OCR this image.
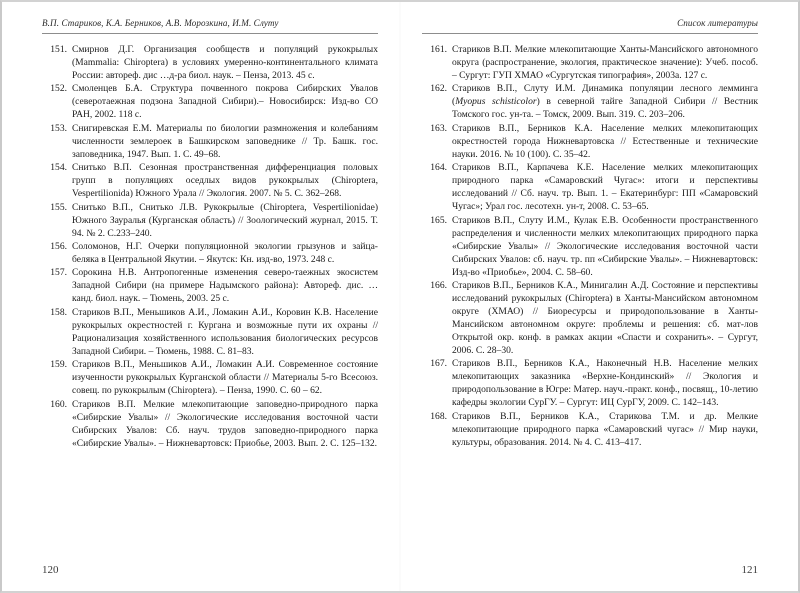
В.П. Стариков, К.А. Берников, А.В. Морозкина, И.М. Слуту
151. Смирнов Д.Г. Организация сообществ и популяций рукокрылых (Mammalia: Chiroptera) в условиях умеренно-континентального климата России: автореф. дис …д-ра биол. наук. – Пенза, 2013. 45 с.
152. Смоленцев Б.А. Структура почвенного покрова Сибирских Увалов (северотаежная подзона Западной Сибири).– Новосибирск: Изд-во СО РАН, 2002. 118 с.
153. Снигиревская Е.М. Материалы по биологии размножения и колебаниям численности землероек в Башкирском заповеднике // Тр. Башк. гос. заповедника, 1947. Вып. 1. С. 49–68.
154. Снитько В.П. Сезонная пространственная дифференциация половых групп в популяциях оседлых видов рукокрылых (Chiroptera, Vespertilionida) Южного Урала // Экология. 2007. № 5. С. 362–268.
155. Снитько В.П., Снитько Л.В. Рукокрылые (Chiroptera, Vespertilionidae) Южного Зауралья (Курганская область) // Зоологический журнал, 2015. Т. 94. № 2. С.233–240.
156. Соломонов, Н.Г. Очерки популяционной экологии грызунов и зайца-беляка в Центральной Якутии. – Якутск: Кн. изд-во, 1973. 248 с.
157. Сорокина Н.В. Антропогенные изменения северо-таежных экосистем Западной Сибири (на примере Надымского района): Автореф. дис. … канд. биол. наук. – Тюмень, 2003. 25 с.
158. Стариков В.П., Меньшиков А.И., Ломакин А.И., Коровин К.В. Население рукокрылых окрестностей г. Кургана и возможные пути их охраны // Рационализация хозяйственного использования биологических ресурсов Западной Сибири. – Тюмень, 1988. С. 81–83.
159. Стариков В.П., Меньшиков А.И., Ломакин А.И. Современное состояние изученности рукокрылых Курганской области // Материалы 5-го Всесоюз. совещ. по рукокрылым (Chiroptera). – Пенза, 1990. С. 60 – 62.
160. Стариков В.П. Мелкие млекопитающие заповедно-природного парка «Сибирские Увалы» // Экологические исследования восточной части Сибирских Увалов: Сб. науч. трудов заповедно-природного парка «Сибирские Увалы». – Нижневартовск: Приобье, 2003. Вып. 2. С. 125–132.
120
Список литературы
161. Стариков В.П. Мелкие млекопитающие Ханты-Мансийского автономного округа (распространение, экология, практическое значение): Учеб. пособ. – Сургут: ГУП ХМАО «Сургутская типография», 2003а. 127 с.
162. Стариков В.П., Слуту И.М. Динамика популяции лесного лемминга (Myopus schisticolor) в северной тайге Западной Сибири // Вестник Томского гос. ун-та. – Томск, 2009. Вып. 319. С. 203–206.
163. Стариков В.П., Берников К.А. Население мелких млекопитающих окрестностей города Нижневартовска // Естественные и технические науки. 2016. № 10 (100). С. 35–42.
164. Стариков В.П., Карпачева К.Е. Население мелких млекопитающих природного парка «Самаровский Чугас»: итоги и перспективы исследований // Сб. науч. тр. Вып. 1. – Екатеринбург: ПП «Самаровский Чугас»; Урал гос. лесотехн. ун-т, 2008. С. 53–65.
165. Стариков В.П., Слуту И.М., Кулак Е.В. Особенности пространственного распределения и численности мелких млекопитающих природного парка «Сибирские Увалы» // Экологические исследования восточной части Сибирских Увалов: сб. науч. тр. пп «Сибирские Увалы». – Нижневартовск: Изд-во «Приобье», 2004. С. 58–60.
166. Стариков В.П., Берников К.А., Минигалин А.Д. Состояние и перспективы исследований рукокрылых (Chiroptera) в Ханты-Мансийском автономном округе (ХМАО) // Биоресурсы и природопользование в Ханты-Мансийском автономном округе: проблемы и решения: сб. мат-лов Открытой окр. конф. в рамках акции «Спасти и сохранить». – Сургут, 2006. С. 28–30.
167. Стариков В.П., Берников К.А., Наконечный Н.В. Население мелких млекопитающих заказника «Верхне-Кондинский» // Экология и природопользование в Югре: Матер. науч.-практ. конф., посвящ., 10-летию кафедры экологии СурГУ. – Сургут: ИЦ СурГУ, 2009. С. 142–143.
168. Стариков В.П., Берников К.А., Старикова Т.М. и др. Мелкие млекопитающие природного парка «Самаровский чугас» // Мир науки, культуры, образования. 2014. № 4. С. 413–417.
121
